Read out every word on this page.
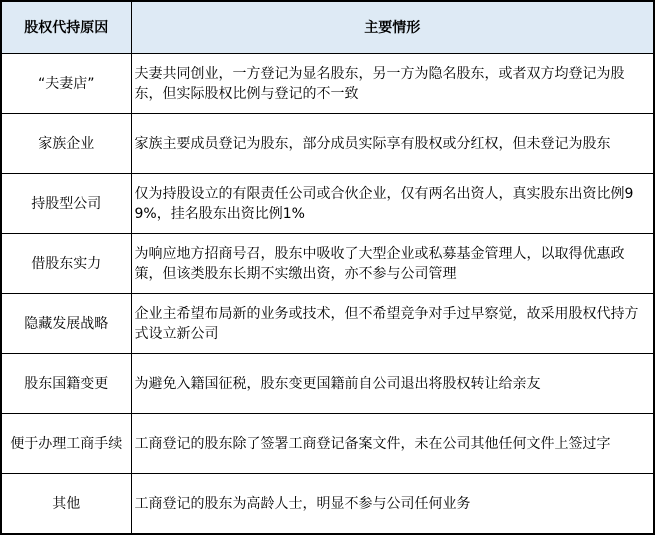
股权代持原因	主要情形
“夫妻店”	夫妻共同创业，一方登记为显名股东，另一方为隐名股东，或者双方均登记为股东，但实际股权比例与登记的不一致
家族企业	家族主要成员登记为股东，部分成员实际享有股权或分红权，但未登记为股东
持股型公司	仅为持股设立的有限责任公司或合伙企业，仅有两名出资人，真实股东出资比例99%，挂名股东出资比例1%
借股东实力	为响应地方招商号召，股东中吸收了大型企业或私募基金管理人，以取得优惠政策，但该类股东长期不实缴出资，亦不参与公司管理
隐藏发展战略	企业主希望布局新的业务或技术，但不希望竞争对手过早察觉，故采用股权代持方式设立新公司
股东国籍变更	为避免入籍国征税，股东变更国籍前自公司退出将股权转让给亲友
便于办理工商手续	工商登记的股东除了签署工商登记备案文件，未在公司其他任何文件上签过字
其他	工商登记的股东为高龄人士，明显不参与公司任何业务
